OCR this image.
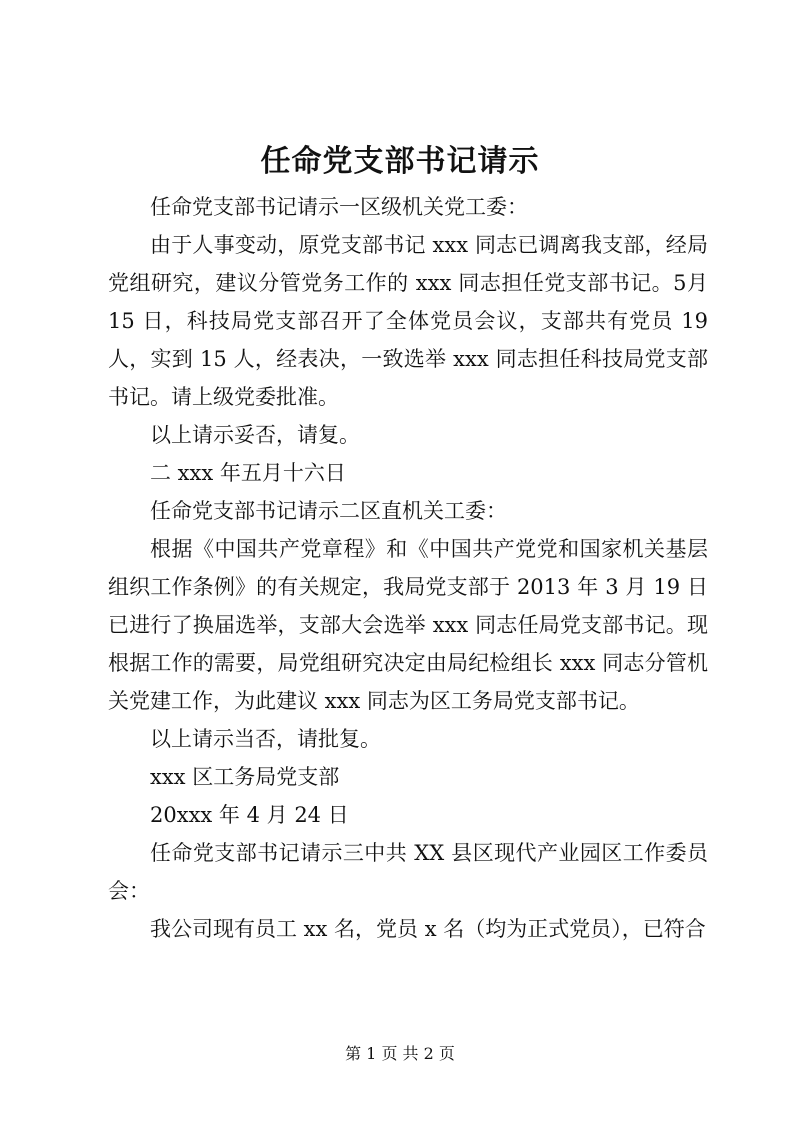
任命党支部书记请示

任命党支部书记请示一区级机关党工委：

由于人事变动，原党支部书记 xxx 同志已调离我支部，经局党组研究，建议分管党务工作的 xxx 同志担任党支部书记。5月15 日，科技局党支部召开了全体党员会议，支部共有党员 19 人，实到 15 人，经表决，一致选举 xxx 同志担任科技局党支部书记。请上级党委批准。

以上请示妥否，请复。

二 xxx 年五月十六日

任命党支部书记请示二区直机关工委：

根据《中国共产党章程》和《中国共产党党和国家机关基层组织工作条例》的有关规定，我局党支部于 2013 年 3 月 19 日已进行了换届选举，支部大会选举 xxx 同志任局党支部书记。现根据工作的需要，局党组研究决定由局纪检组长 xxx 同志分管机关党建工作，为此建议 xxx 同志为区工务局党支部书记。

以上请示当否，请批复。

xxx 区工务局党支部

20xxx 年 4 月 24 日

任命党支部书记请示三中共 XX 县区现代产业园区工作委员会：

我公司现有员工 xx 名，党员 x 名（均为正式党员），已符合

第 1 页 共 2 页
